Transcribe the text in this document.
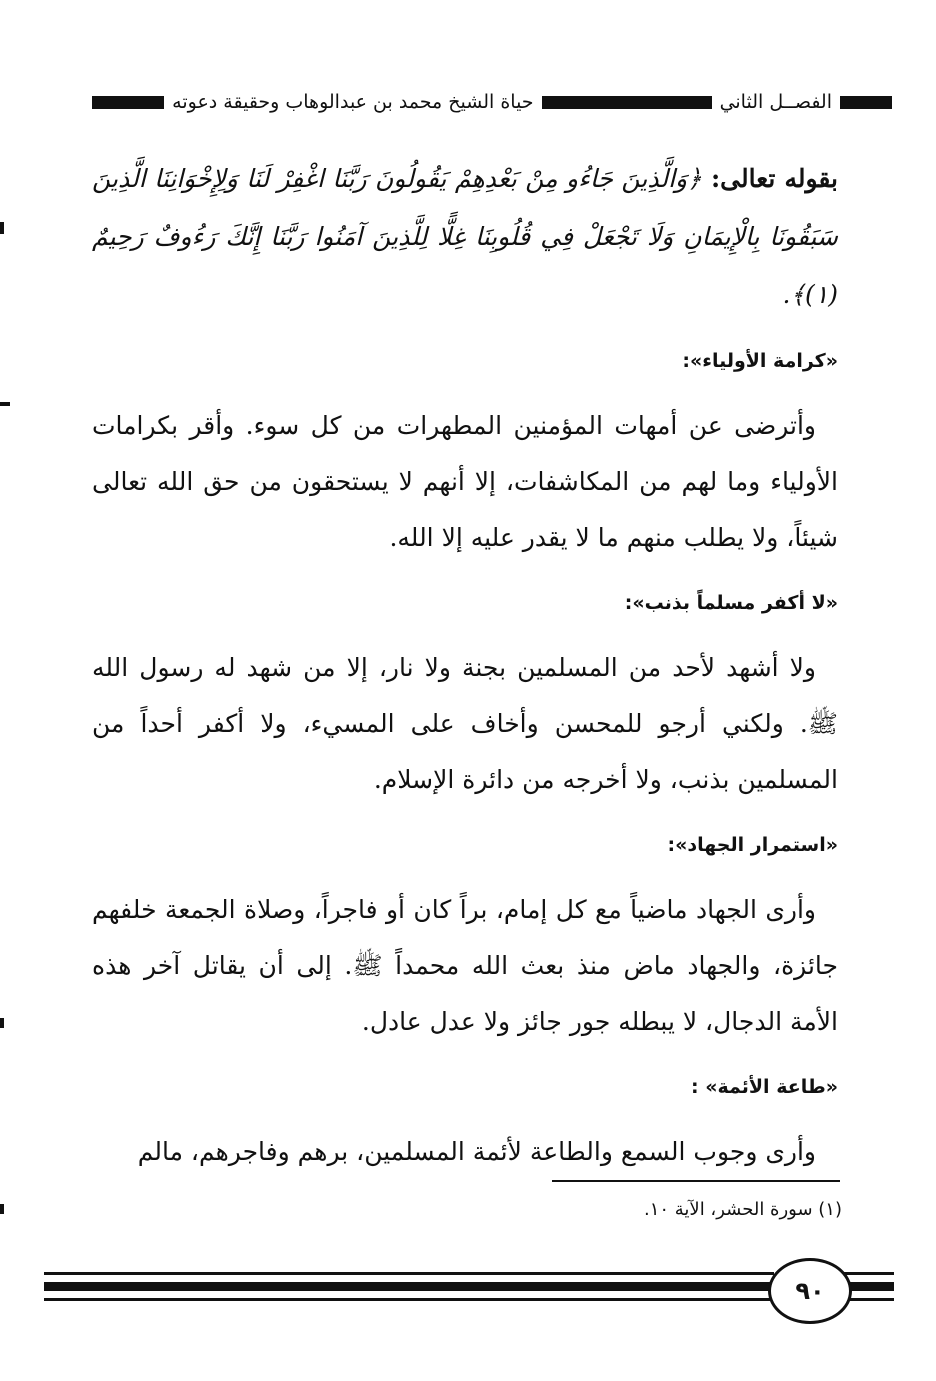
الفصــل الثاني
حياة الشيخ محمد بن عبدالوهاب وحقيقة دعوته

بقوله تعالى: ﴿وَالَّذِينَ جَاءُو مِنْ بَعْدِهِمْ يَقُولُونَ رَبَّنَا اغْفِرْ لَنَا وَلِإِخْوَانِنَا الَّذِينَ سَبَقُونَا بِالْإِيمَانِ وَلَا تَجْعَلْ فِي قُلُوبِنَا غِلًّا لِلَّذِينَ آمَنُوا رَبَّنَا إِنَّكَ رَءُوفٌ رَحِيمٌ (١)﴾.

«كرامة الأولياء»:

وأترضى عن أمهات المؤمنين المطهرات من كل سوء. وأقر بكرامات الأولياء وما لهم من المكاشفات، إلا أنهم لا يستحقون من حق الله تعالى شيئاً، ولا يطلب منهم ما لا يقدر عليه إلا الله.

«لا أكفر مسلماً بذنب»:

ولا أشهد لأحد من المسلمين بجنة ولا نار، إلا من شهد له رسول الله ﷺ. ولكني أرجو للمحسن وأخاف على المسيء، ولا أكفر أحداً من المسلمين بذنب، ولا أخرجه من دائرة الإسلام.

«استمرار الجهاد»:

وأرى الجهاد ماضياً مع كل إمام، براً كان أو فاجراً، وصلاة الجمعة خلفهم جائزة، والجهاد ماض منذ بعث الله محمداً ﷺ. إلى أن يقاتل آخر هذه الأمة الدجال، لا يبطله جور جائز ولا عدل عادل.

«طاعة الأئمة» :

وأرى وجوب السمع والطاعة لأئمة المسلمين، برهم وفاجرهم، مالم

(١) سورة الحشر، الآية ١٠.
٩٠
